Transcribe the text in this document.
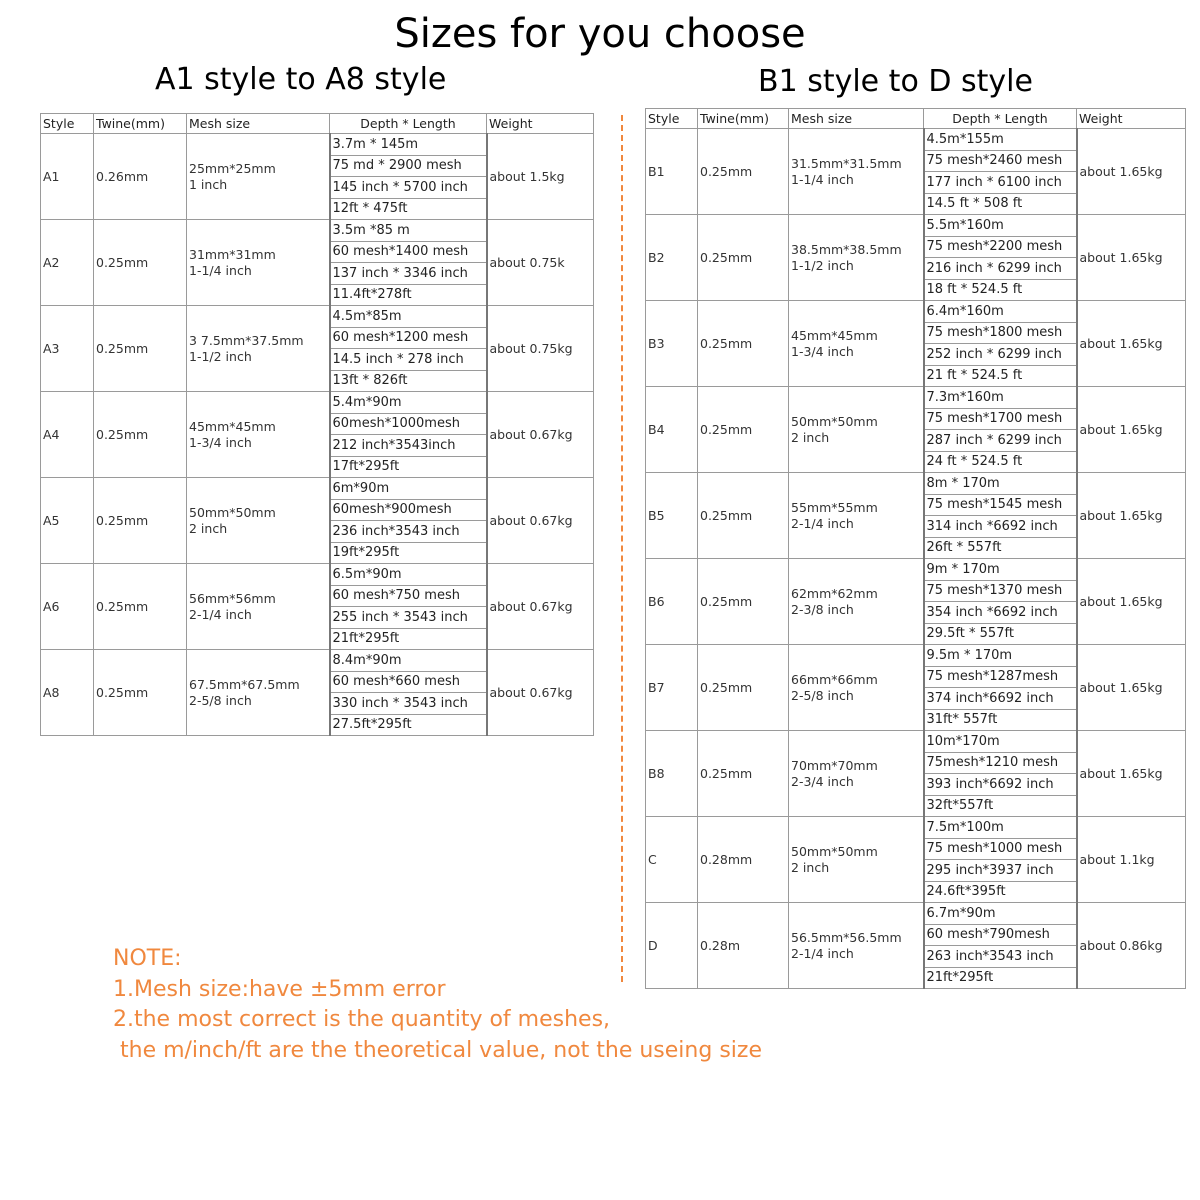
Sizes for you choose
A1 style to A8 style	B1 style to D style
Style	Twine(mm)	Mesh size	Depth * Length	Weight
A1	0.26mm	25mm*25mm
1 inch	3.7m * 145m	about 1.5kg
			75 md * 2900 mesh	
			145 inch * 5700 inch	
			12ft * 475ft	
A2	0.25mm	31mm*31mm
1-1/4 inch	3.5m *85 m	about 0.75k
			60 mesh*1400 mesh	
			137 inch * 3346 inch	
			11.4ft*278ft	
A3	0.25mm	3 7.5mm*37.5mm
1-1/2 inch	4.5m*85m	about 0.75kg
			60 mesh*1200 mesh	
			14.5 inch * 278 inch	
			13ft * 826ft	
A4	0.25mm	45mm*45mm
1-3/4 inch	5.4m*90m	about 0.67kg
			60mesh*1000mesh	
			212 inch*3543inch	
			17ft*295ft	
A5	0.25mm	50mm*50mm
2 inch	6m*90m	about 0.67kg
			60mesh*900mesh	
			236 inch*3543 inch	
			19ft*295ft	
A6	0.25mm	56mm*56mm
2-1/4 inch	6.5m*90m	about 0.67kg
			60 mesh*750 mesh	
			255 inch * 3543 inch	
			21ft*295ft	
A8	0.25mm	67.5mm*67.5mm
2-5/8 inch	8.4m*90m	about 0.67kg
			60 mesh*660 mesh	
			330 inch * 3543 inch	
			27.5ft*295ft	
Style	Twine(mm)	Mesh size	Depth * Length	Weight
B1	0.25mm	31.5mm*31.5mm
1-1/4 inch	4.5m*155m	about 1.65kg
			75 mesh*2460 mesh	
			177 inch * 6100 inch	
			14.5 ft * 508 ft	
B2	0.25mm	38.5mm*38.5mm
1-1/2 inch	5.5m*160m	about 1.65kg
			75 mesh*2200 mesh	
			216 inch * 6299 inch	
			18 ft * 524.5 ft	
B3	0.25mm	45mm*45mm
1-3/4 inch	6.4m*160m	about 1.65kg
			75 mesh*1800 mesh	
			252 inch * 6299 inch	
			21 ft * 524.5 ft	
B4	0.25mm	50mm*50mm
2 inch	7.3m*160m	about 1.65kg
			75 mesh*1700 mesh	
			287 inch * 6299 inch	
			24 ft * 524.5 ft	
B5	0.25mm	55mm*55mm
2-1/4 inch	8m * 170m	about 1.65kg
			75 mesh*1545 mesh	
			314 inch *6692 inch	
			26ft * 557ft	
B6	0.25mm	62mm*62mm
2-3/8 inch	9m * 170m	about 1.65kg
			75 mesh*1370 mesh	
			354 inch *6692 inch	
			29.5ft * 557ft	
B7	0.25mm	66mm*66mm
2-5/8 inch	9.5m * 170m	about 1.65kg
			75 mesh*1287mesh	
			374 inch*6692 inch	
			31ft* 557ft	
B8	0.25mm	70mm*70mm
2-3/4 inch	10m*170m	about 1.65kg
			75mesh*1210 mesh	
			393 inch*6692 inch	
			32ft*557ft	
C	0.28mm	50mm*50mm
2 inch	7.5m*100m	about 1.1kg
			75 mesh*1000 mesh	
			295 inch*3937 inch	
			24.6ft*395ft	
D	0.28m	56.5mm*56.5mm
2-1/4 inch	6.7m*90m	about 0.86kg
			60 mesh*790mesh	
			263 inch*3543 inch	
			21ft*295ft	
NOTE:
1.Mesh size:have ±5mm error
2.the most correct is the quantity of meshes,
the m/inch/ft are the theoretical value, not the useing size
